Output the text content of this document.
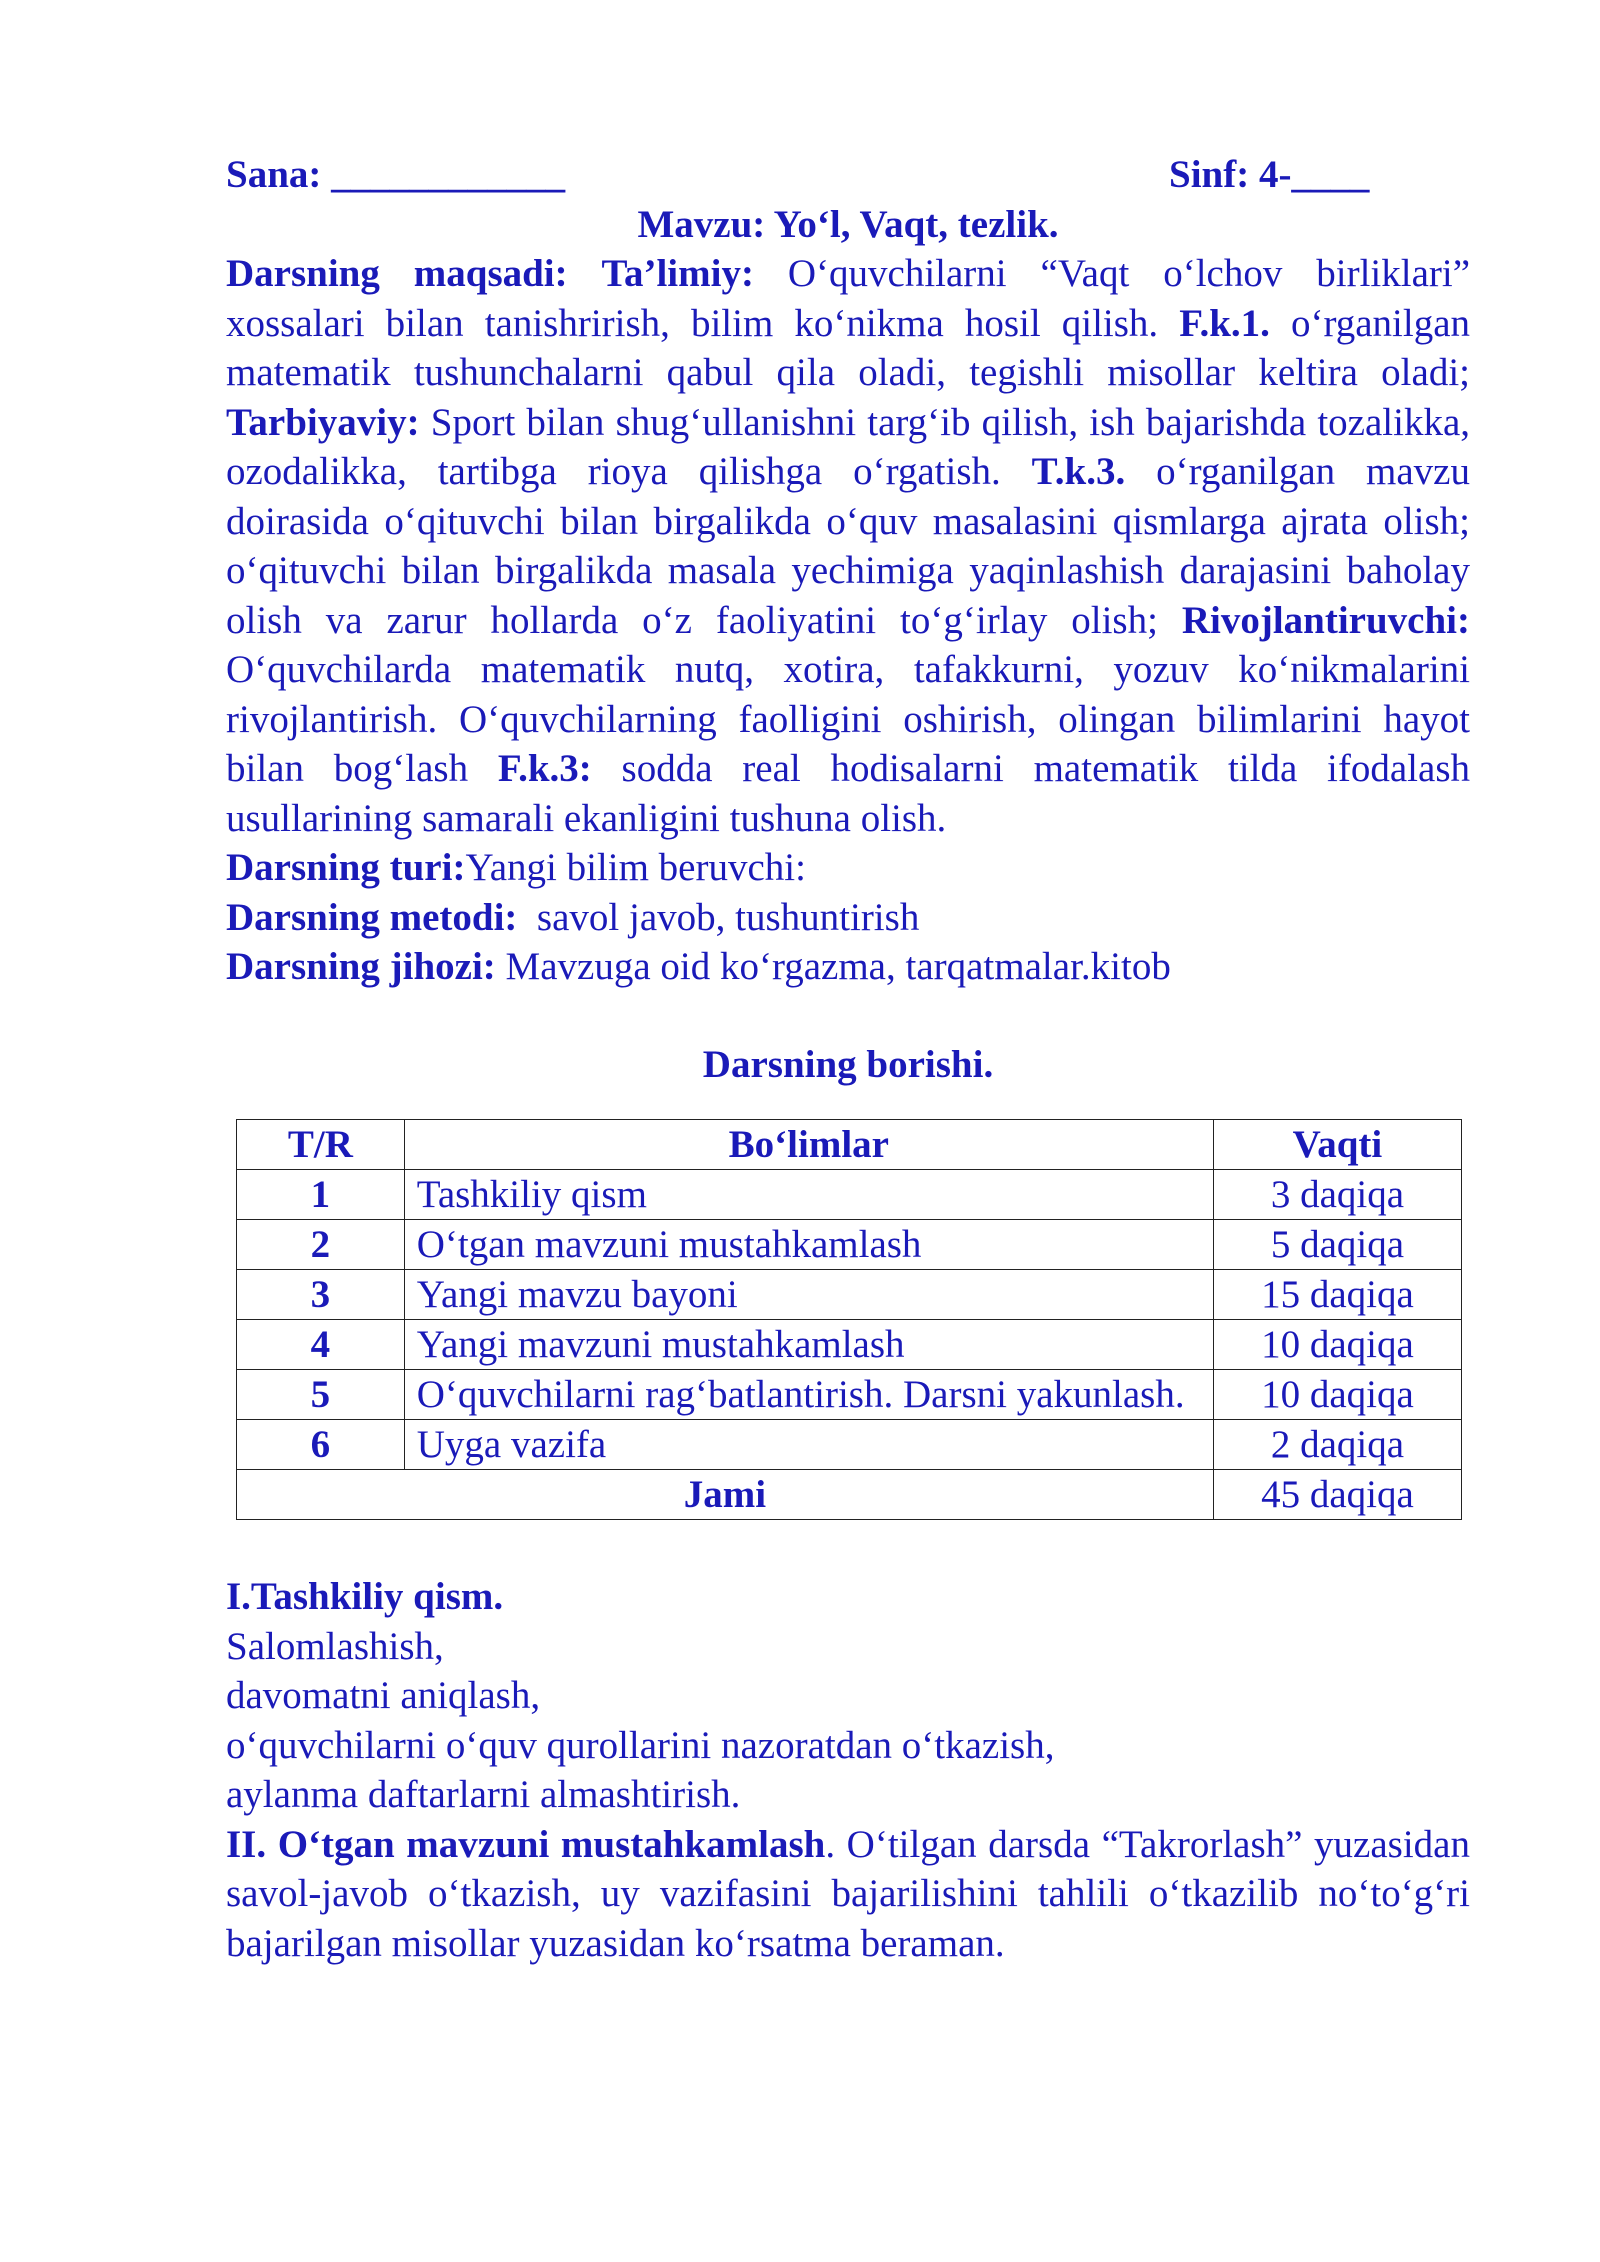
Sana: ____________	Sinf: 4-____
Mavzu: Yo‘l, Vaqt, tezlik.
Darsning maqsadi: Ta’limiy: O‘quvchilarni “Vaqt o‘lchov birliklari” xossalari bilan tanishrirish, bilim ko‘nikma hosil qilish. F.k.1. o‘rganilgan matematik tushunchalarni qabul qila oladi, tegishli misollar keltira oladi; Tarbiyaviy: Sport bilan shug‘ullanishni targ‘ib qilish, ish bajarishda tozalikka, ozodalikka, tartibga rioya qilishga o‘rgatish. T.k.3. o‘rganilgan mavzu doirasida o‘qituvchi bilan birgalikda o‘quv masalasini qismlarga ajrata olish; o‘qituvchi bilan birgalikda masala yechimiga yaqinlashish darajasini baholay olish va zarur hollarda o‘z faoliyatini to‘g‘irlay olish; Rivojlantiruvchi: O‘quvchilarda matematik nutq, xotira, tafakkurni, yozuv ko‘nikmalarini rivojlantirish. O‘quvchilarning faolligini oshirish, olingan bilimlarini hayot bilan bog‘lash F.k.3: sodda real hodisalarni matematik tilda ifodalash usullarining samarali ekanligini tushuna olish.
Darsning turi:Yangi bilim beruvchi:
Darsning metodi: savol javob, tushuntirish
Darsning jihozi: Mavzuga oid ko‘rgazma, tarqatmalar.kitob
Darsning borishi.
T/R	Bo‘limlar	Vaqti
1	Tashkiliy qism	3 daqiqa
2	O‘tgan mavzuni mustahkamlash	5 daqiqa
3	Yangi mavzu bayoni	15 daqiqa
4	Yangi mavzuni mustahkamlash	10 daqiqa
5	O‘quvchilarni rag‘batlantirish. Darsni yakunlash.	10 daqiqa
6	Uyga vazifa	2 daqiqa
Jami		45 daqiqa
I.Tashkiliy qism.
Salomlashish,
davomatni aniqlash,
o‘quvchilarni o‘quv qurollarini nazoratdan o‘tkazish,
aylanma daftarlarni almashtirish.
II. O‘tgan mavzuni mustahkamlash. O‘tilgan darsda “Takrorlash” yuzasidan savol-javob o‘tkazish, uy vazifasini bajarilishini tahlili o‘tkazilib no‘to‘g‘ri bajarilgan misollar yuzasidan ko‘rsatma beraman.
